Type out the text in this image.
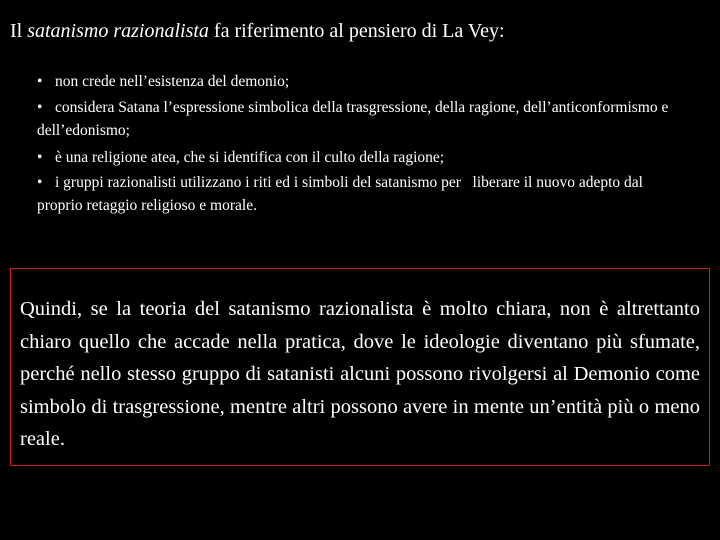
Il satanismo razionalista fa riferimento al pensiero di La Vey:

• non crede nell’esistenza del demonio;

• considera Satana l’espressione simbolica della trasgressione, della ragione, dell’anticonformismo e dell’edonismo;

• è una religione atea, che si identifica con il culto della ragione;

• i gruppi razionalisti utilizzano i riti ed i simboli del satanismo per   liberare il nuovo adepto dal proprio retaggio religioso e morale.

Quindi, se la teoria del satanismo razionalista è molto chiara, non è altrettanto chiaro quello che accade nella pratica, dove le ideologie diventano più sfumate, perché nello stesso gruppo di satanisti alcuni possono rivolgersi al Demonio come simbolo di trasgressione, mentre altri possono avere in mente un’entità più o meno reale.
